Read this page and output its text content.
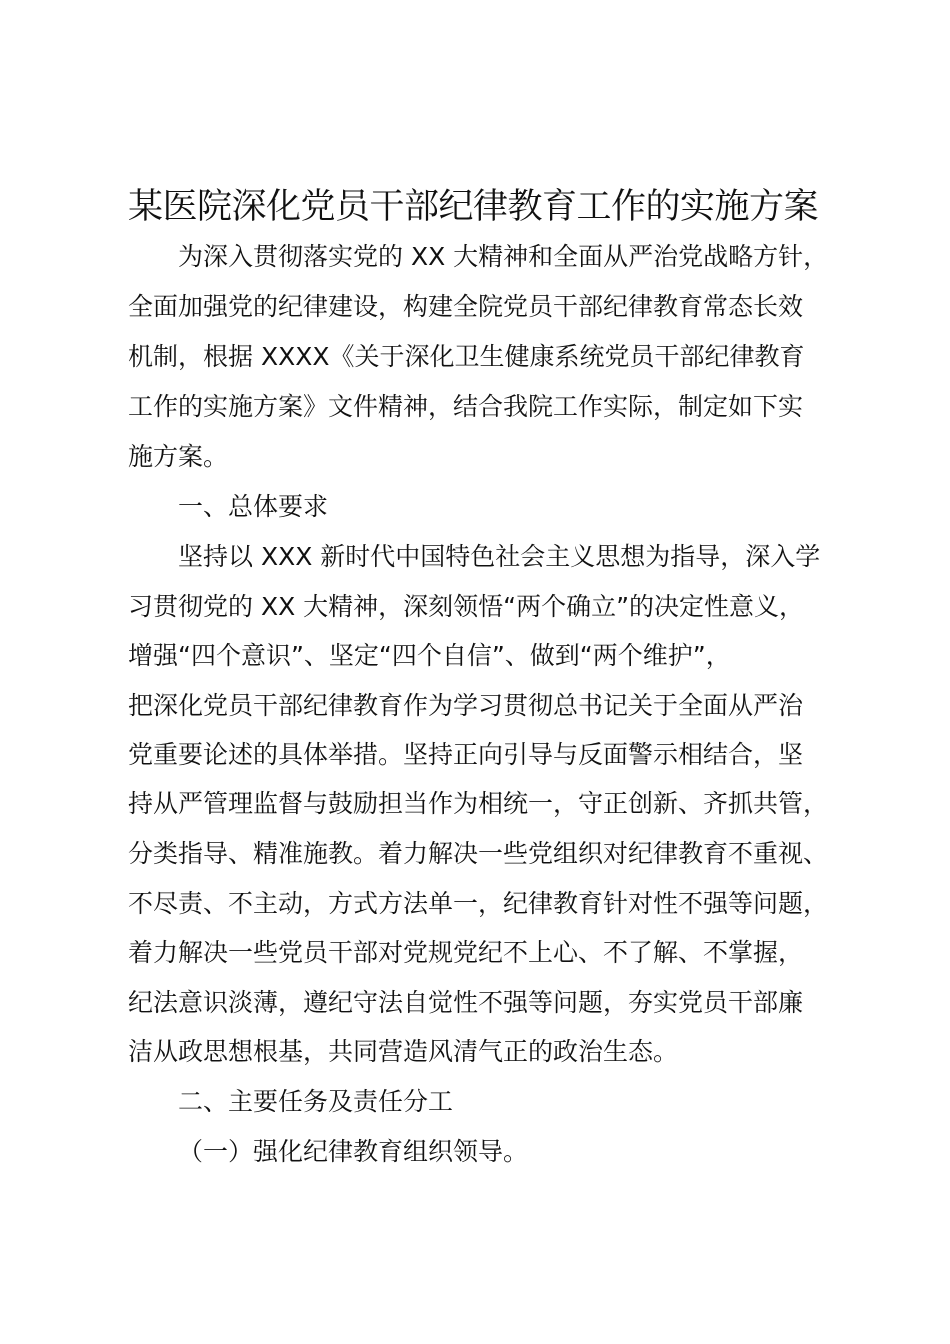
某医院深化党员干部纪律教育工作的实施方案
为深入贯彻落实党的 XX 大精神和全面从严治党战略方针，
全面加强党的纪律建设，构建全院党员干部纪律教育常态长效
机制，根据 XXXX《关于深化卫生健康系统党员干部纪律教育
工作的实施方案》文件精神，结合我院工作实际，制定如下实
施方案。
一、总体要求
坚持以 XXX 新时代中国特色社会主义思想为指导，深入学
习贯彻党的 XX 大精神，深刻领悟“两个确立”的决定性意义，
增强“四个意识”、坚定“四个自信”、做到“两个维护”，
把深化党员干部纪律教育作为学习贯彻总书记关于全面从严治
党重要论述的具体举措。坚持正向引导与反面警示相结合，坚
持从严管理监督与鼓励担当作为相统一，守正创新、齐抓共管，
分类指导、精准施教。着力解决一些党组织对纪律教育不重视、
不尽责、不主动，方式方法单一，纪律教育针对性不强等问题，
着力解决一些党员干部对党规党纪不上心、不了解、不掌握，
纪法意识淡薄，遵纪守法自觉性不强等问题，夯实党员干部廉
洁从政思想根基，共同营造风清气正的政治生态。
二、主要任务及责任分工
（一）强化纪律教育组织领导。
